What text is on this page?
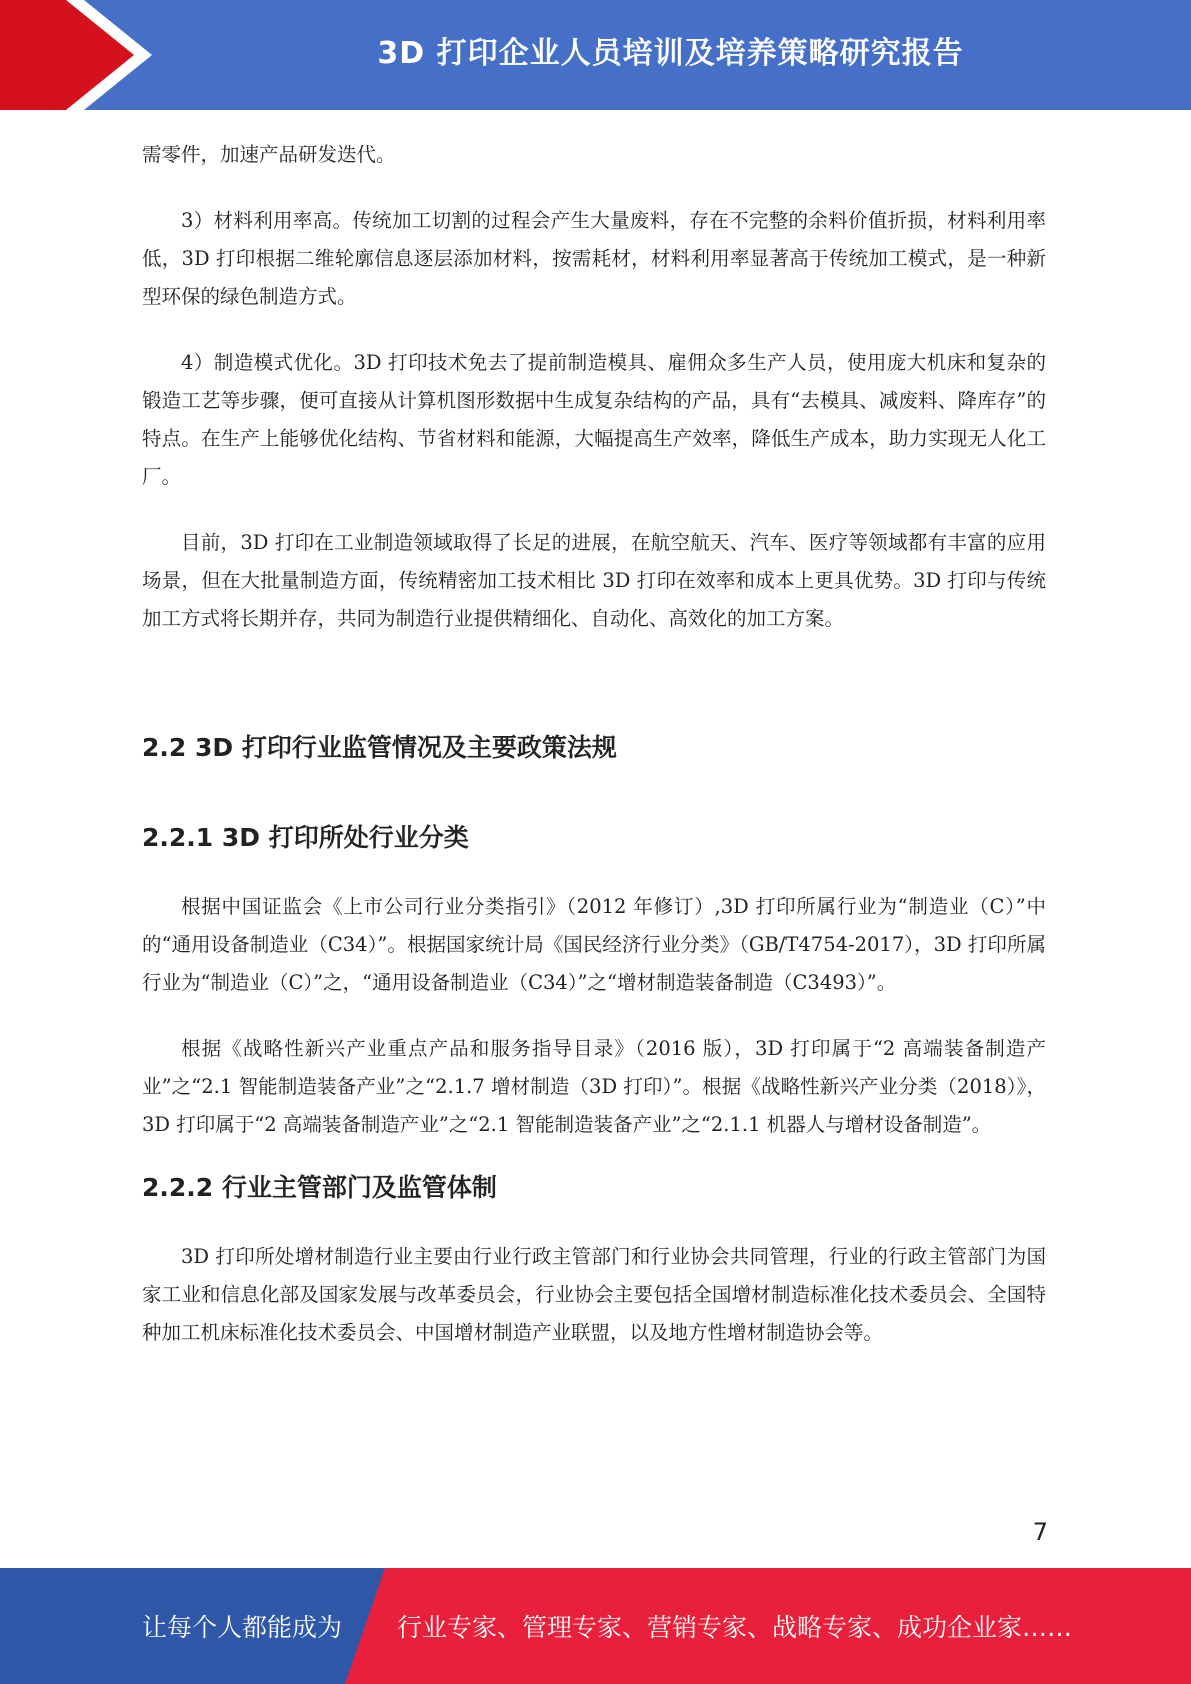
3D 打印企业人员培训及培养策略研究报告

需零件，加速产品研发迭代。

3）材料利用率高。传统加工切割的过程会产生大量废料，存在不完整的余料价值折损，材料利用率低，3D 打印根据二维轮廓信息逐层添加材料，按需耗材，材料利用率显著高于传统加工模式，是一种新型环保的绿色制造方式。

4）制造模式优化。3D 打印技术免去了提前制造模具、雇佣众多生产人员，使用庞大机床和复杂的锻造工艺等步骤，便可直接从计算机图形数据中生成复杂结构的产品，具有“去模具、减废料、降库存”的特点。在生产上能够优化结构、节省材料和能源，大幅提高生产效率，降低生产成本，助力实现无人化工厂。

目前，3D 打印在工业制造领域取得了长足的进展，在航空航天、汽车、医疗等领域都有丰富的应用场景，但在大批量制造方面，传统精密加工技术相比 3D 打印在效率和成本上更具优势。3D 打印与传统加工方式将长期并存，共同为制造行业提供精细化、自动化、高效化的加工方案。

2.2 3D 打印行业监管情况及主要政策法规
2.2.1 3D 打印所处行业分类

根据中国证监会《上市公司行业分类指引》（2012 年修订）,3D 打印所属行业为“制造业（C）”中的“通用设备制造业（C34）”。根据国家统计局《国民经济行业分类》（GB/T4754-2017），3D 打印所属行业为“制造业（C）”之，“通用设备制造业（C34）”之“增材制造装备制造（C3493）”。

根据《战略性新兴产业重点产品和服务指导目录》（2016 版），3D 打印属于“2 高端装备制造产业”之“2.1 智能制造装备产业”之“2.1.7 增材制造（3D 打印）”。根据《战略性新兴产业分类（2018）》，3D 打印属于“2 高端装备制造产业”之“2.1 智能制造装备产业”之“2.1.1 机器人与增材设备制造”。

2.2.2 行业主管部门及监管体制

3D 打印所处增材制造行业主要由行业行政主管部门和行业协会共同管理，行业的行政主管部门为国家工业和信息化部及国家发展与改革委员会，行业协会主要包括全国增材制造标准化技术委员会、全国特种加工机床标准化技术委员会、中国增材制造产业联盟，以及地方性增材制造协会等。

7
让每个人都能成为 行业专家、管理专家、营销专家、战略专家、成功企业家……
